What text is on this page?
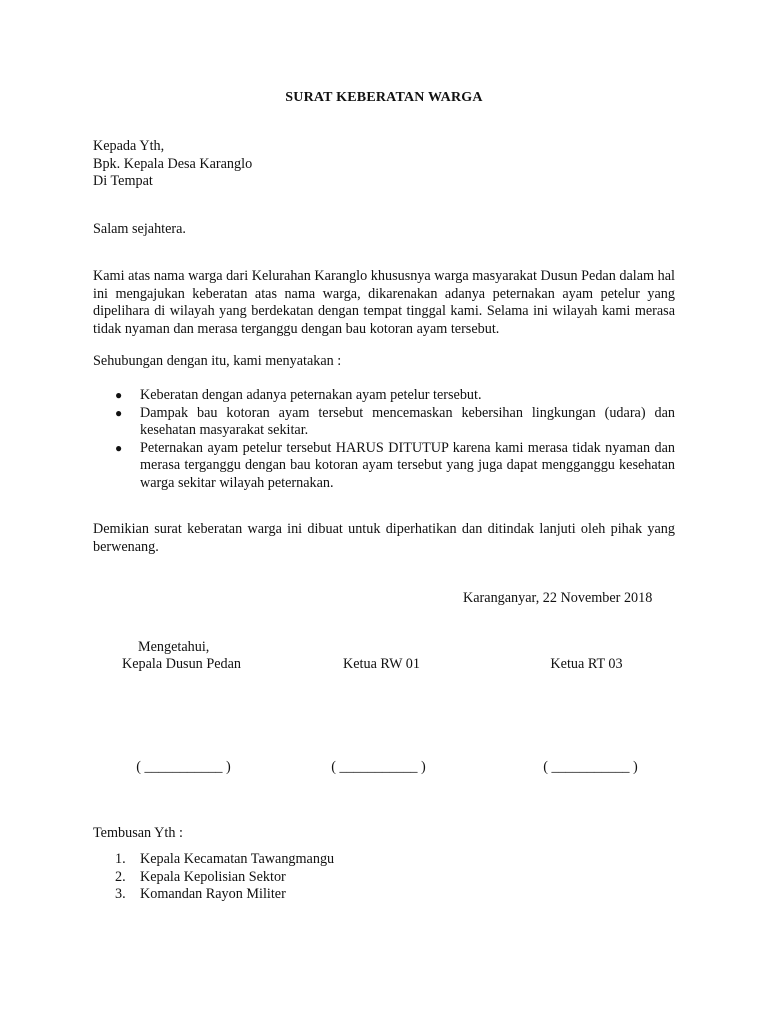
SURAT KEBERATAN WARGA
Kepada Yth,
Bpk. Kepala Desa Karanglo
Di Tempat
Salam sejahtera.
Kami atas nama warga dari Kelurahan Karanglo khususnya warga masyarakat Dusun Pedan dalam hal ini mengajukan keberatan atas nama warga, dikarenakan adanya peternakan ayam petelur yang dipelihara di wilayah yang berdekatan dengan tempat tinggal kami. Selama ini wilayah kami merasa tidak nyaman dan merasa terganggu dengan bau kotoran ayam tersebut.
Sehubungan dengan itu, kami menyatakan :
● Keberatan dengan adanya peternakan ayam petelur tersebut.
● Dampak bau kotoran ayam tersebut mencemaskan kebersihan lingkungan (udara) dan kesehatan masyarakat sekitar.
● Peternakan ayam petelur tersebut HARUS DITUTUP karena kami merasa tidak nyaman dan merasa terganggu dengan bau kotoran ayam tersebut yang juga dapat mengganggu kesehatan warga sekitar wilayah peternakan.
Demikian surat keberatan warga ini dibuat untuk diperhatikan dan ditindak lanjuti oleh pihak yang berwenang.
Karanganyar, 22 November 2018
Mengetahui,
Kepala Dusun Pedan	Ketua RW 01	Ketua RT 03
( ___________ )	( ___________ )	( ___________ )
Tembusan Yth :
1. Kepala Kecamatan Tawangmangu
2. Kepala Kepolisian Sektor
3. Komandan Rayon Militer
